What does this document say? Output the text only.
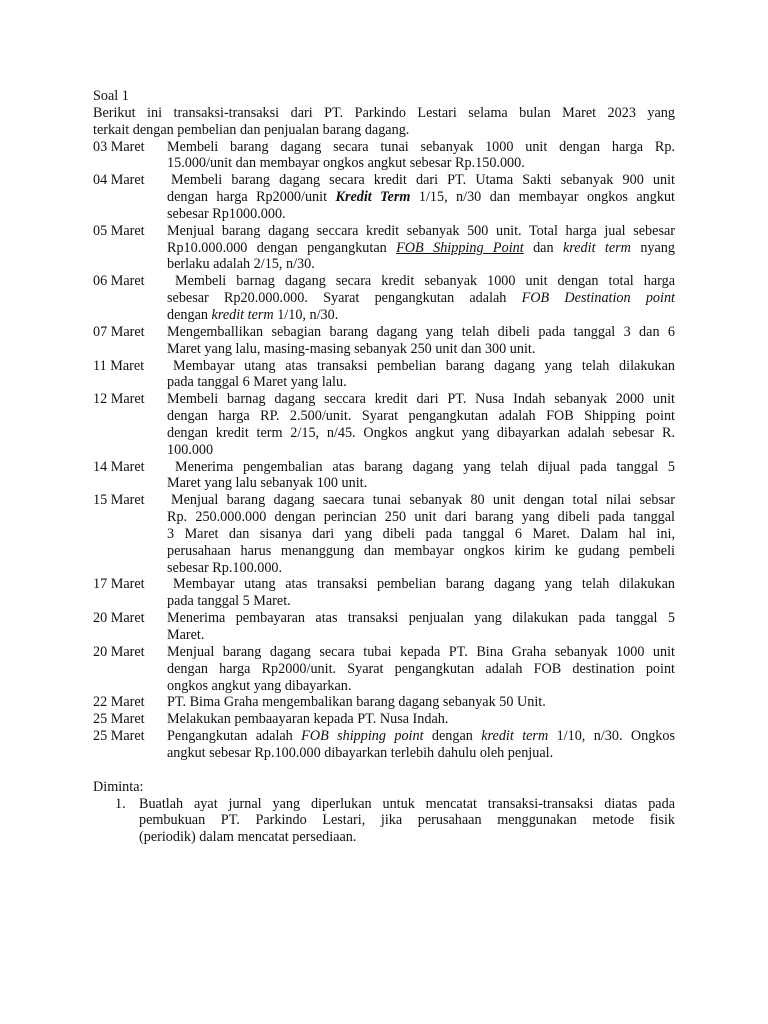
Soal 1
Berikut ini transaksi-transaksi dari PT. Parkindo Lestari selama bulan Maret 2023 yang
terkait dengan pembelian dan penjualan barang dagang.
03 Maret	Membeli barang dagang secara tunai sebanyak 1000 unit dengan harga Rp.
15.000/unit dan membayar ongkos angkut sebesar Rp.150.000.
04 Maret	Membeli barang dagang secara kredit dari PT. Utama Sakti sebanyak 900 unit
dengan harga Rp2000/unit Kredit Term 1/15, n/30 dan membayar ongkos angkut
sebesar Rp1000.000.
05 Maret	Menjual barang dagang seccara kredit sebanyak 500 unit. Total harga jual sebesar
Rp10.000.000 dengan pengangkutan FOB Shipping Point dan kredit term nyang
berlaku adalah 2/15, n/30.
06 Maret	Membeli barnag dagang secara kredit sebanyak 1000 unit dengan total harga
sebesar Rp20.000.000. Syarat pengangkutan adalah FOB Destination point
dengan kredit term 1/10, n/30.
07 Maret	Mengemballikan sebagian barang dagang yang telah dibeli pada tanggal 3 dan 6
Maret yang lalu, masing-masing sebanyak 250 unit dan 300 unit.
11 Maret	Membayar utang atas transaksi pembelian barang dagang yang telah dilakukan
pada tanggal 6 Maret yang lalu.
12 Maret	Membeli barnag dagang seccara kredit dari PT. Nusa Indah sebanyak 2000 unit
dengan harga RP. 2.500/unit. Syarat pengangkutan adalah FOB Shipping point
dengan kredit term 2/15, n/45. Ongkos angkut yang dibayarkan adalah sebesar R.
100.000
14 Maret	Menerima pengembalian atas barang dagang yang telah dijual pada tanggal 5
Maret yang lalu sebanyak 100 unit.
15 Maret	Menjual barang dagang saecara tunai sebanyak 80 unit dengan total nilai sebsar
Rp. 250.000.000 dengan perincian 250 unit dari barang yang dibeli pada tanggal
3 Maret dan sisanya dari yang dibeli pada tanggal 6 Maret. Dalam hal ini,
perusahaan harus menanggung dan membayar ongkos kirim ke gudang pembeli
sebesar Rp.100.000.
17 Maret	Membayar utang atas transaksi pembelian barang dagang yang telah dilakukan
pada tanggal 5 Maret.
20 Maret	Menerima pembayaran atas transaksi penjualan yang dilakukan pada tanggal 5
Maret.
20 Maret	Menjual barang dagang secara tubai kepada PT. Bina Graha sebanyak 1000 unit
dengan harga Rp2000/unit. Syarat pengangkutan adalah FOB destination point
ongkos angkut yang dibayarkan.
22 Maret	PT. Bima Graha mengembalikan barang dagang sebanyak 50 Unit.
25 Maret	Melakukan pembaayaran kepada PT. Nusa Indah.
25 Maret	Pengangkutan adalah FOB shipping point dengan kredit term 1/10, n/30. Ongkos
angkut sebesar Rp.100.000 dibayarkan terlebih dahulu oleh penjual.
Diminta:
1. Buatlah ayat jurnal yang diperlukan untuk mencatat transaksi-transaksi diatas pada
pembukuan PT. Parkindo Lestari, jika perusahaan menggunakan metode fisik
(periodik) dalam mencatat persediaan.
